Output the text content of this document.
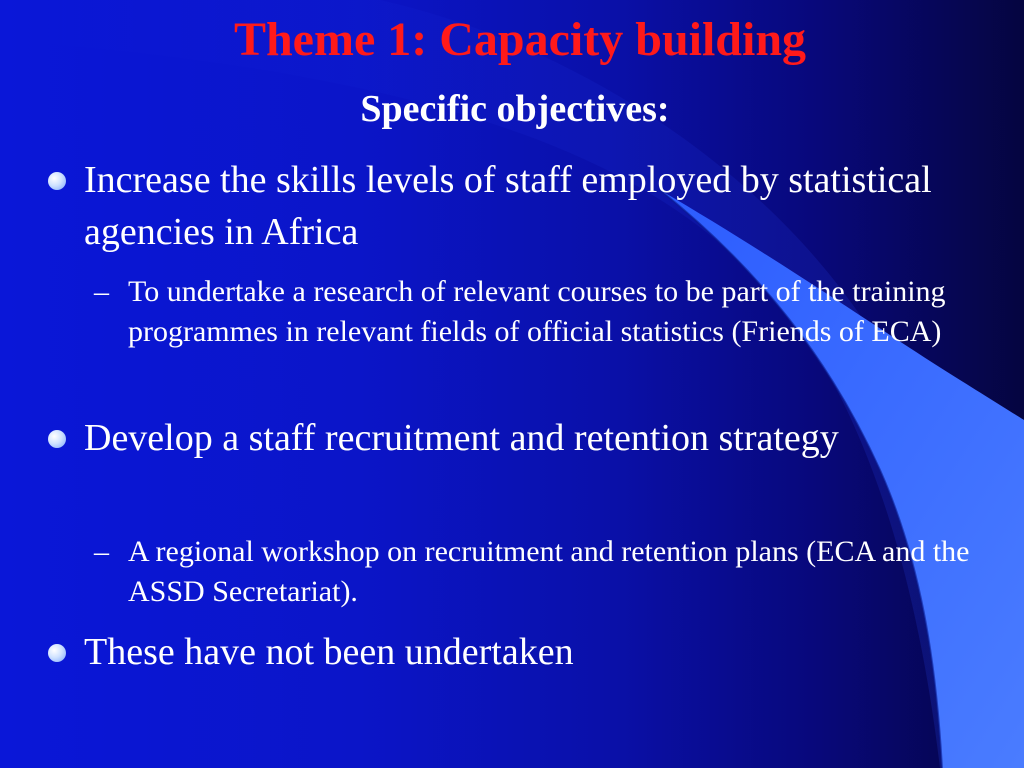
Theme 1: Capacity building
Specific objectives:
Increase the skills levels of staff employed by statistical agencies in Africa
– To undertake a research of relevant courses to be part of the training programmes in relevant fields of official statistics (Friends of ECA)
Develop a staff recruitment and retention strategy
– A regional workshop on recruitment and retention plans (ECA and the ASSD Secretariat).
These have not been undertaken
